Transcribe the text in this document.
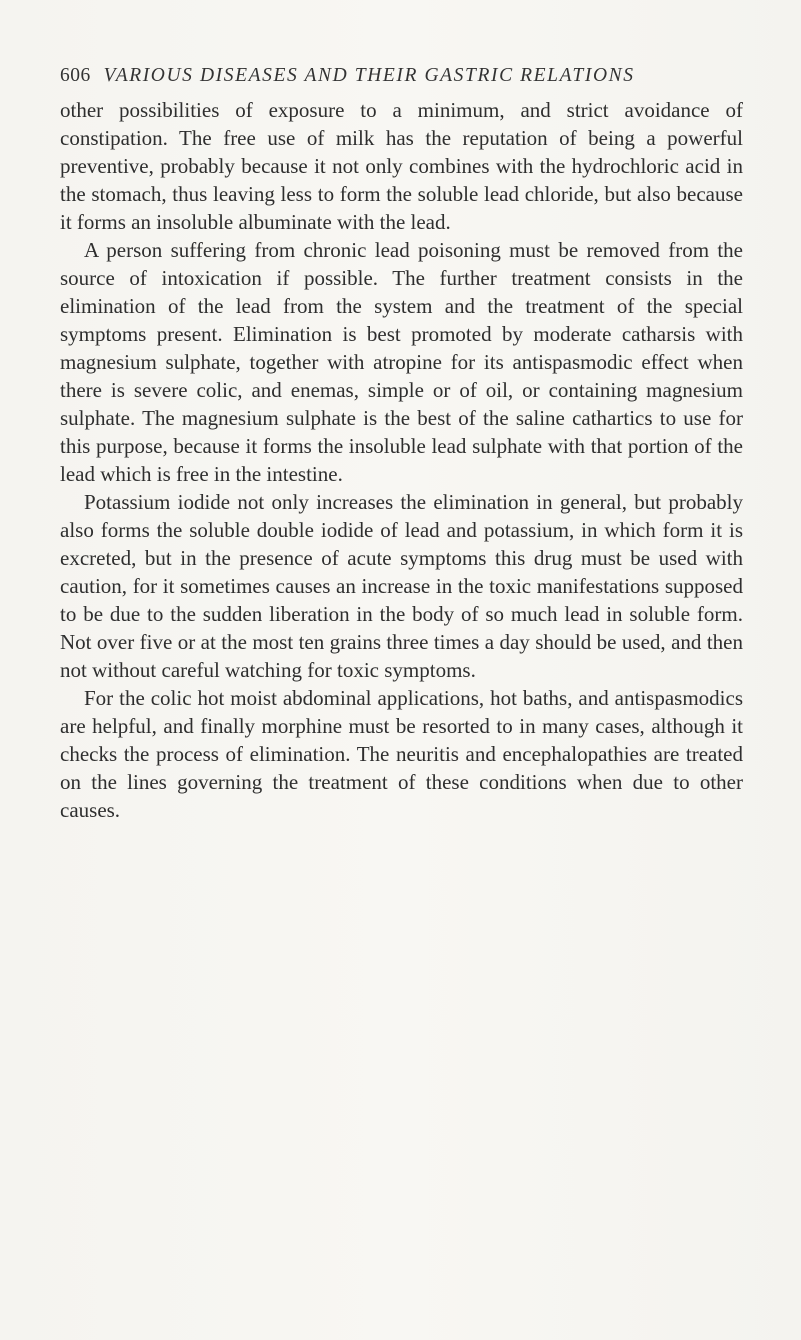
606 VARIOUS DISEASES AND THEIR GASTRIC RELATIONS

other possibilities of exposure to a minimum, and strict avoidance of constipation. The free use of milk has the reputation of being a powerful preventive, probably because it not only combines with the hydrochloric acid in the stomach, thus leaving less to form the soluble lead chloride, but also because it forms an insoluble albuminate with the lead.

A person suffering from chronic lead poisoning must be removed from the source of intoxication if possible. The further treatment consists in the elimination of the lead from the system and the treatment of the special symptoms present. Elimination is best promoted by moderate catharsis with magnesium sulphate, together with atropine for its antispasmodic effect when there is severe colic, and enemas, simple or of oil, or containing magnesium sulphate. The magnesium sulphate is the best of the saline cathartics to use for this purpose, because it forms the insoluble lead sulphate with that portion of the lead which is free in the intestine.

Potassium iodide not only increases the elimination in general, but probably also forms the soluble double iodide of lead and potassium, in which form it is excreted, but in the presence of acute symptoms this drug must be used with caution, for it sometimes causes an increase in the toxic manifestations supposed to be due to the sudden liberation in the body of so much lead in soluble form. Not over five or at the most ten grains three times a day should be used, and then not without careful watching for toxic symptoms.

For the colic hot moist abdominal applications, hot baths, and antispasmodics are helpful, and finally morphine must be resorted to in many cases, although it checks the process of elimination. The neuritis and encephalopathies are treated on the lines governing the treatment of these conditions when due to other causes.
